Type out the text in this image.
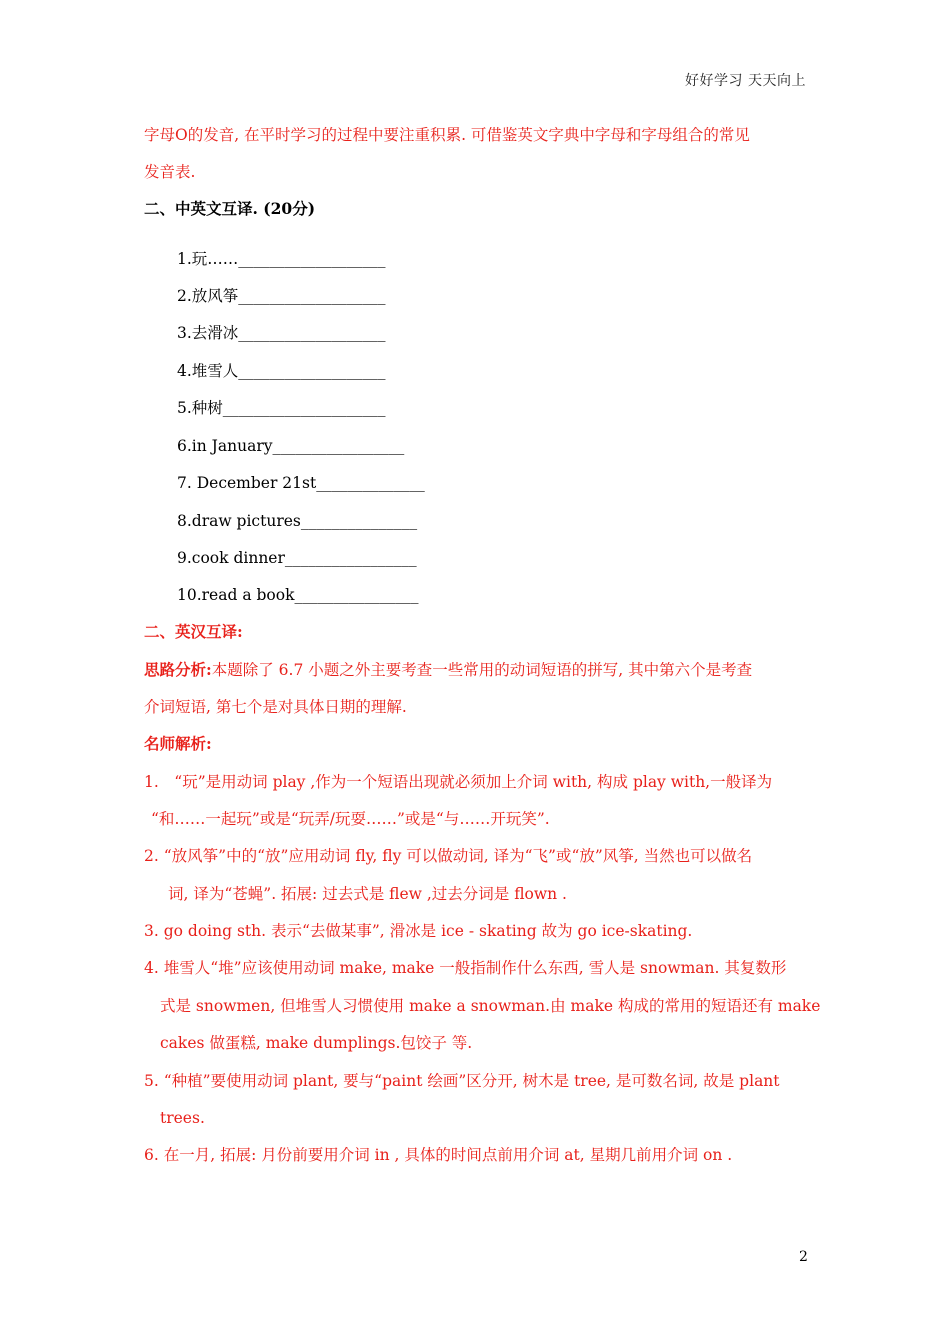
好好学习 天天向上
字母O的发音, 在平时学习的过程中要注重积累. 可借鉴英文字典中字母和字母组合的常见
发音表.
二、中英文互译. (20分)
1.玩……___________________
2.放风筝___________________
3.去滑冰___________________
4.堆雪人___________________
5.种树_____________________
6.in January_________________
7. December 21st______________
8.draw pictures_______________
9.cook dinner_________________
10.read a book________________
二、英汉互译:
思路分析:本题除了 6.7 小题之外主要考查一些常用的动词短语的拼写, 其中第六个是考查
介词短语, 第七个是对具体日期的理解.
名师解析:
1.　“玩”是用动词 play ,作为一个短语出现就必须加上介词 with, 构成 play with,一般译为
“和……一起玩”或是“玩弄/玩耍……”或是“与……开玩笑”.
2. “放风筝”中的“放”应用动词 fly, fly 可以做动词, 译为“飞”或“放”风筝, 当然也可以做名
词, 译为“苍蝇”. 拓展: 过去式是 flew ,过去分词是 flown .
3. go doing sth. 表示“去做某事”, 滑冰是 ice - skating 故为 go ice-skating.
4. 堆雪人“堆”应该使用动词 make, make 一般指制作什么东西, 雪人是 snowman. 其复数形
式是 snowmen, 但堆雪人习惯使用 make a snowman.由 make 构成的常用的短语还有 make
cakes 做蛋糕, make dumplings.包饺子 等.
5. “种植”要使用动词 plant, 要与“paint 绘画”区分开, 树木是 tree, 是可数名词, 故是 plant
trees.
6. 在一月, 拓展: 月份前要用介词 in , 具体的时间点前用介词 at, 星期几前用介词 on .
2
